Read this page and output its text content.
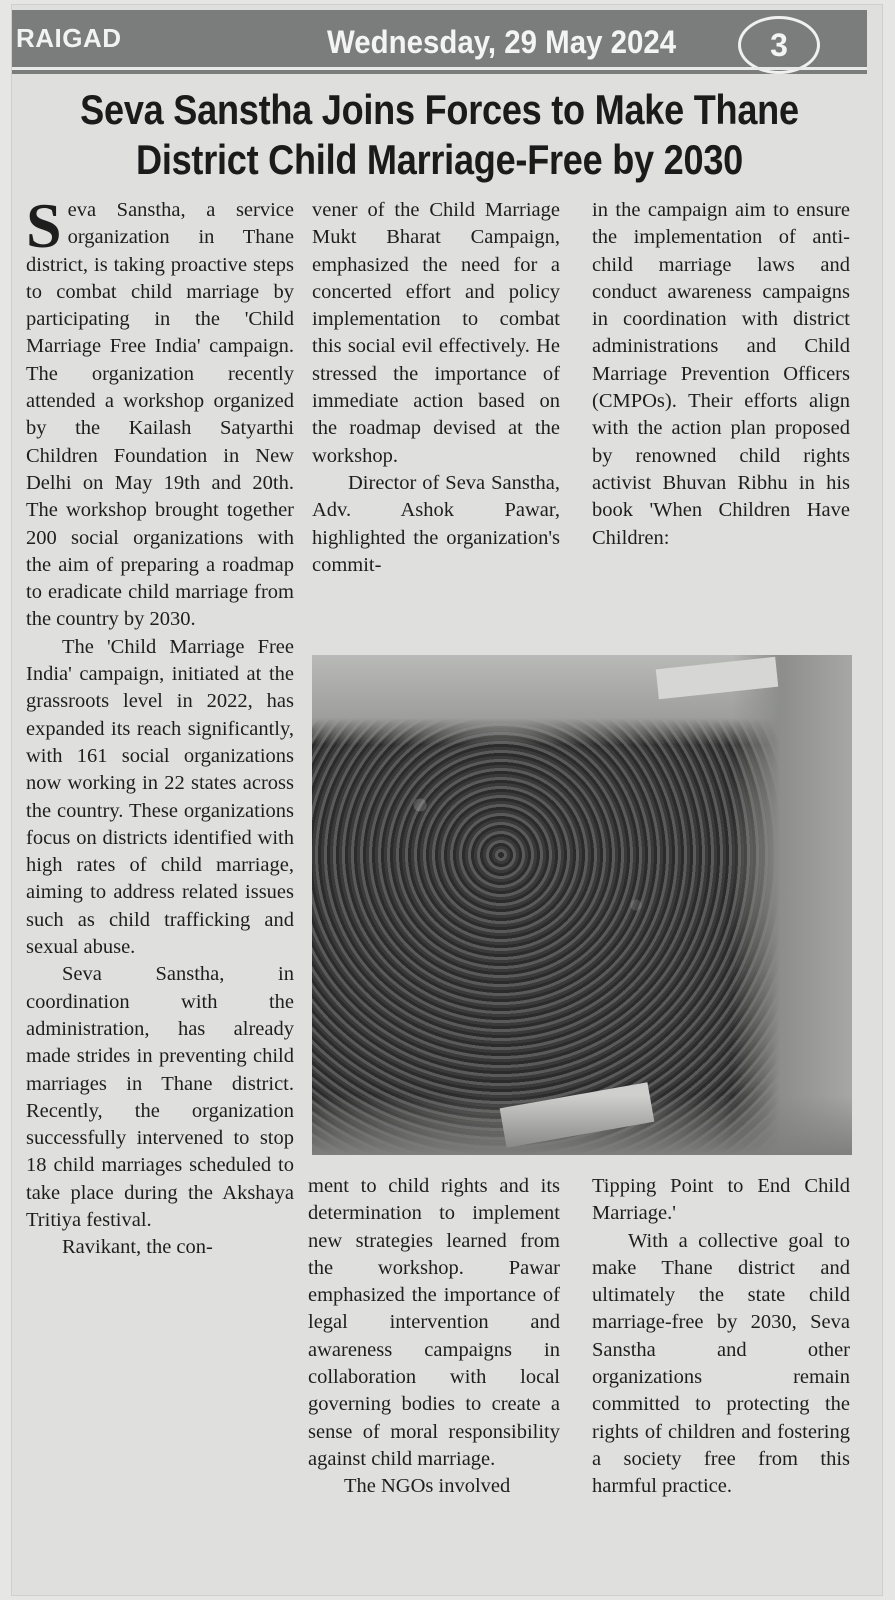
RAIGAD	Wednesday, 29 May 2024	3
Seva Sanstha Joins Forces to Make Thane
District Child Marriage-Free by 2030

S eva Sanstha, a service organization in Thane district, is taking proactive steps to combat child marriage by participating in the 'Child Marriage Free India' campaign. The organization recently attended a workshop organized by the Kailash Satyarthi Children Foundation in New Delhi on May 19th and 20th. The workshop brought together 200 social organizations with the aim of preparing a roadmap to eradicate child marriage from the country by 2030.

The 'Child Marriage Free India' campaign, initiated at the grassroots level in 2022, has expanded its reach significantly, with 161 social organizations now working in 22 states across the country. These organizations focus on districts identified with high rates of child marriage, aiming to address related issues such as child trafficking and sexual abuse.

Seva Sanstha, in coordination with the administration, has already made strides in preventing child marriages in Thane district. Recently, the organization successfully intervened to stop 18 child marriages scheduled to take place during the Akshaya Tritiya festival.

Ravikant, the con-

vener of the Child Marriage Mukt Bharat Campaign, emphasized the need for a concerted effort and policy implementation to combat this social evil effectively. He stressed the importance of immediate action based on the roadmap devised at the workshop.

Director of Seva Sanstha, Adv. Ashok Pawar, highlighted the organization's commit-

in the campaign aim to ensure the implementation of anti-child marriage laws and conduct awareness campaigns in coordination with district administrations and Child Marriage Prevention Officers (CMPOs). Their efforts align with the action plan proposed by renowned child rights activist Bhuvan Ribhu in his book 'When Children Have Children:

ment to child rights and its determination to implement new strategies learned from the workshop. Pawar emphasized the importance of legal intervention and awareness campaigns in collaboration with local governing bodies to create a sense of moral responsibility against child marriage.

The NGOs involved

Tipping Point to End Child Marriage.'

With a collective goal to make Thane district and ultimately the state child marriage-free by 2030, Seva Sanstha and other organizations remain committed to protecting the rights of children and fostering a society free from this harmful practice.
